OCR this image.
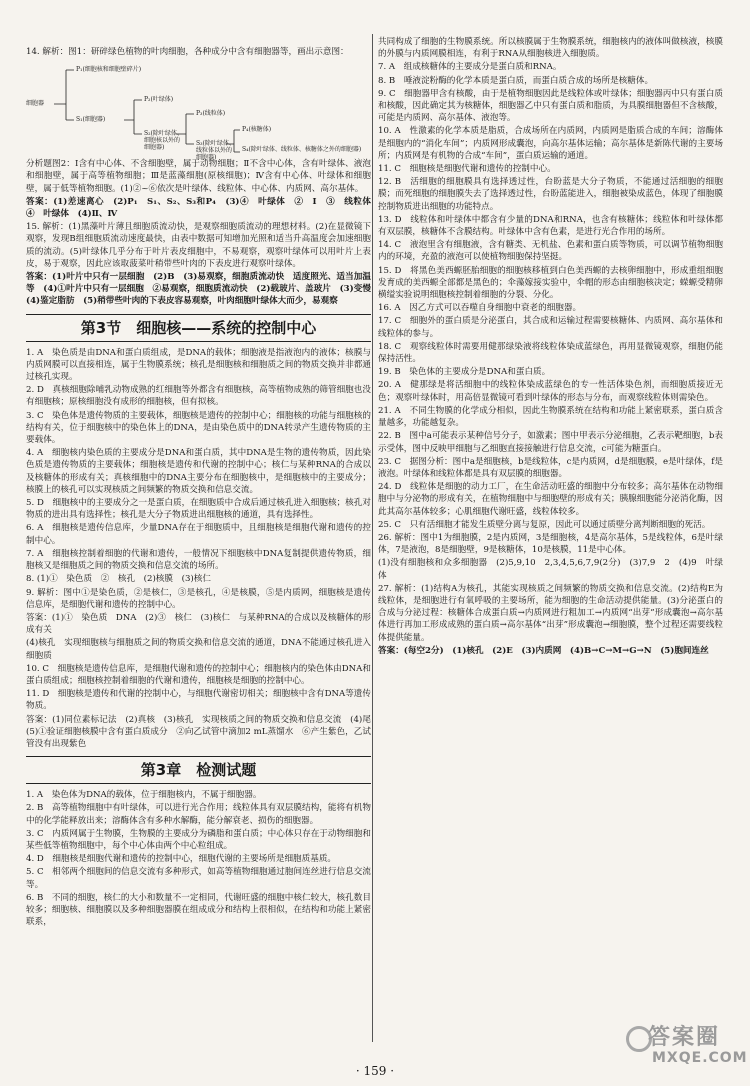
14. 解析：图1：研碎绿色植物的叶肉细胞，各种成分中含有细胞器等，画出示意图：

细胞器
P₁(细胞核和细胞壁碎片)
S₁(细胞器)
P₂(叶绿体)
S₂(除叶绿体、细胞核以外的细胞器)
P₃(线粒体)
S₃(除叶绿体、线粒体以外的细胞器)
P₄(核糖体)
S₄(除叶绿体、线粒体、核糖体之外的细胞器)

分析题图2：Ⅰ含有中心体、不含细胞壁，属于动物细胞；Ⅱ不含中心体，含有叶绿体、液泡和细胞壁，属于高等植物细胞；Ⅲ是蓝藻细胞(原核细胞)；Ⅳ含有中心体、叶绿体和细胞壁，属于低等植物细胞。(1)②~⑥依次是叶绿体、线粒体、中心体、内质网、高尔基体。

答案：(1)差速离心　(2)P₁　S₁、S₂、S₃和P₄　(3)④　叶绿体　②　Ⅰ　③　线粒体　④　叶绿体　(4)Ⅱ、Ⅳ

15. 解析：(1)黑藻叶片薄且细胞质流动快，是观察细胞质流动的理想材料。(2)在显微镜下观察，发现B组细胞质流动速度最快，由表中数据可知增加光照和适当升高温度会加速细胞质的流动。(5)叶绿体几乎分布于叶片表皮细胞中，不易观察，观察叶绿体可以用叶片上表皮，易于观察，因此应该取菠菜叶稍带些叶肉的下表皮进行观察叶绿体。

答案：(1)叶片中只有一层细胞　(2)B　(3)易观察，细胞质流动快　适度照光、适当加温等　(4)①叶片中只有一层细胞　②易观察，细胞质流动快　(2)载玻片、盖玻片　(3)变慢　(4)鉴定脂肪　(5)稍带些叶肉的下表皮容易观察，叶肉细胞叶绿体大而少，易观察

第3节　细胞核——系统的控制中心

1. A　染色质是由DNA和蛋白质组成，是DNA的载体；细胞液是指液泡内的液体；核膜与内质网膜可以直接相连，属于生物膜系统；核孔是细胞核和细胞质之间的物质交换并非都通过核孔实现。

2. D　真核细胞除哺乳动物成熟的红细胞等外都含有细胞核，高等植物成熟的筛管细胞也没有细胞核；原核细胞没有成形的细胞核，但有拟核。

3. C　染色体是遗传物质的主要载体，细胞核是遗传的控制中心；细胞核的功能与细胞核的结构有关，位于细胞核中的染色体上的DNA，是由染色质中的DNA转录产生遗传物质的主要载体。

4. A　细胞核内染色质的主要成分是DNA和蛋白质，其中DNA是生物的遗传物质，因此染色质是遗传物质的主要载体；细胞核是遗传和代谢的控制中心；核仁与某种RNA的合成以及核糖体的形成有关；真核细胞中的DNA主要分布在细胞核中，是细胞核中的主要成分；核膜上的核孔可以实现核质之间频繁的物质交换和信息交流。

5. D　细胞核中的主要成分之一是蛋白质，在细胞质中合成后通过核孔进入细胞核；核孔对物质的进出具有选择性；核孔是大分子物质进出细胞核的通道，具有选择性。

6. A　细胞核是遗传信息库，少量DNA存在于细胞质中，且细胞核是细胞代谢和遗传的控制中心。

7. A　细胞核控制着细胞的代谢和遗传，一般情况下细胞核中DNA复制提供遗传物质，细胞核又是细胞质之间的物质交换和信息交流的场所。

8. (1)①　染色质　②　核孔　(2)核膜　(3)核仁

9. 解析：图中①是染色质，②是核仁，③是核孔，④是核膜，⑤是内质网，细胞核是遗传信息库，是细胞代谢和遗传的控制中心。

答案：(1)①　染色质　DNA　(2)③　核仁　(3)核仁　与某种RNA的合成以及核糖体的形成有关

(4)核孔　实现细胞核与细胞质之间的物质交换和信息交流的通道，DNA不能通过核孔进入细胞质

10. C　细胞核是遗传信息库，是细胞代谢和遗传的控制中心；细胞核内的染色体由DNA和蛋白质组成；细胞核控制着细胞的代谢和遗传，细胞核是细胞的控制中心。

11. D　细胞核是遗传和代谢的控制中心，与细胞代谢密切相关；细胞核中含有DNA等遗传物质。

答案：(1)同位素标记法　(2)真核　(3)核孔　实现核质之间的物质交换和信息交流　(4)尾　(5)①验证细胞核膜中含有蛋白质成分　②向乙试管中滴加2 mL蒸馏水　⑥产生紫色，乙试管没有出现紫色

第3章　检测试题

1. A　染色体为DNA的载体，位于细胞核内，不属于细胞器。

2. B　高等植物细胞中有叶绿体，可以进行光合作用；线粒体具有双层膜结构，能将有机物中的化学能释放出来；溶酶体含有多种水解酶，能分解衰老、损伤的细胞器。

3. C　内质网属于生物膜，生物膜的主要成分为磷脂和蛋白质；中心体只存在于动物细胞和某些低等植物细胞中，每个中心体由两个中心粒组成。

4. D　细胞核是细胞代谢和遗传的控制中心，细胞代谢的主要场所是细胞质基质。

5. C　相邻两个细胞间的信息交流有多种形式，如高等植物细胞通过胞间连丝进行信息交流等。

6. B　不同的细胞，核仁的大小和数量不一定相同，代谢旺盛的细胞中核仁较大，核孔数目较多；细胞核、细胞膜以及多种细胞器膜在组成成分和结构上很相似，在结构和功能上紧密联系，

共同构成了细胞的生物膜系统。所以核膜属于生物膜系统，细胞核内的液体叫做核液，核膜的外膜与内质网膜相连，有利于RNA从细胞核进入细胞质。

7. A　组成核糖体的主要成分是蛋白质和RNA。

8. B　唾液淀粉酶的化学本质是蛋白质，而蛋白质合成的场所是核糖体。

9. C　细胞器甲含有核酸，由于是植物细胞因此是线粒体或叶绿体；细胞器丙中只有蛋白质和核酸，因此确定其为核糖体，细胞器乙中只有蛋白质和脂质，为具膜细胞器但不含核酸，可能是内质网、高尔基体、液泡等。

10. A　性激素的化学本质是脂质，合成场所在内质网，内质网是脂质合成的车间；溶酶体是细胞内的“消化车间”；内质网形成囊泡，向高尔基体运输；高尔基体是新陈代谢的主要场所；内质网是有机物的合成“车间”，蛋白质运输的通道。

11. C　细胞核是细胞代谢和遗传的控制中心。

12. B　活细胞的细胞膜具有选择透过性，台盼蓝是大分子物质，不能通过活细胞的细胞膜；而死细胞的细胞膜失去了选择透过性，台盼蓝能进入，细胞被染成蓝色，体现了细胞膜控制物质进出细胞的功能特点。

13. D　线粒体和叶绿体中都含有少量的DNA和RNA，也含有核糖体；线粒体和叶绿体都有双层膜，核糖体不含膜结构。叶绿体中含有色素，是进行光合作用的场所。

14. C　液泡里含有细胞液，含有糖类、无机盐、色素和蛋白质等物质，可以调节植物细胞内的环境，充盈的液泡可以使植物细胞保持坚挺。

15. D　将黑色美西螈胚胎细胞的细胞核移植到白色美西螈的去核卵细胞中，形成重组细胞发育成的美西螈全部都是黑色的；伞藻嫁接实验中，伞帽的形态由细胞核决定；蝾螈受精卵横缢实验说明细胞核控制着细胞的分裂、分化。

16. A　因乙方式可以吞噬自身细胞中衰老的细胞器。

17. C　细胞外的蛋白质是分泌蛋白，其合成和运输过程需要核糖体、内质网、高尔基体和线粒体的参与。

18. C　观察线粒体时需要用健那绿染液将线粒体染成蓝绿色，再用显微镜观察，细胞仍能保持活性。

19. B　染色体的主要成分是DNA和蛋白质。

20. A　健那绿是将活细胞中的线粒体染成蓝绿色的专一性活体染色剂，而细胞质接近无色；观察叶绿体时，用高倍显微镜可看到叶绿体的形态与分布，而观察线粒体则需染色。

21. A　不同生物膜的化学成分相似，因此生物膜系统在结构和功能上紧密联系，蛋白质含量越多，功能越复杂。

22. B　图中a可能表示某种信号分子，如激素；图中甲表示分泌细胞，乙表示靶细胞，b表示受体，图中反映甲细胞与乙细胞直接接触进行信息交流，c可能为糖蛋白。

23. C　据图分析：图中a是细胞核，b是线粒体，c是内质网，d是细胞膜，e是叶绿体，f是液泡。叶绿体和线粒体都是具有双层膜的细胞器。

24. D　线粒体是细胞的动力工厂，在生命活动旺盛的细胞中分布较多；高尔基体在动物细胞中与分泌物的形成有关，在植物细胞中与细胞壁的形成有关；胰腺细胞能分泌消化酶，因此其高尔基体较多；心肌细胞代谢旺盛，线粒体较多。

25. C　只有活细胞才能发生质壁分离与复原，因此可以通过质壁分离判断细胞的死活。

26. 解析：图中1为细胞膜，2是内质网，3是细胞核，4是高尔基体，5是线粒体，6是叶绿体，7是液泡，8是细胞壁，9是核糖体，10是核膜，11是中心体。

(1)没有细胞核和众多细胞器　(2)5,9,10　2,3,4,5,6,7,9(2分)　(3)7,9　2　(4)9　叶绿体

27. 解析：(1)结构A为核孔，其能实现核质之间频繁的物质交换和信息交流。(2)结构E为线粒体，是细胞进行有氧呼吸的主要场所，能为细胞的生命活动提供能量。(3)分泌蛋白的合成与分泌过程：核糖体合成蛋白质→内质网进行粗加工→内质网“出芽”形成囊泡→高尔基体进行再加工形成成熟的蛋白质→高尔基体“出芽”形成囊泡→细胞膜，整个过程还需要线粒体提供能量。

答案：(每空2分)　(1)核孔　(2)E　(3)内质网　(4)B→C→M→G→N　(5)胞间连丝

· 159 ·
答案圈
MXQE.COM
